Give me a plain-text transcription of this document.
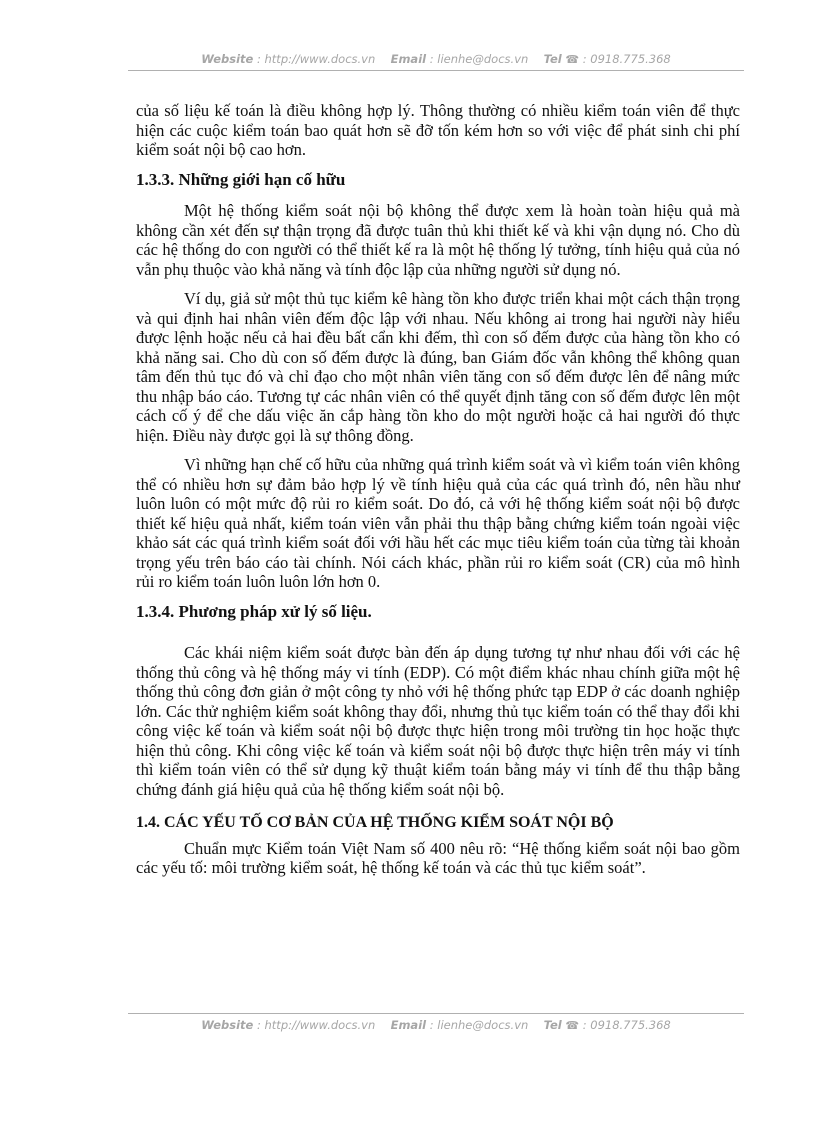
Website : http://www.docs.vn Email : lienhe@docs.vn Tel ☎ : 0918.775.368
của số liệu kế toán là điều không hợp lý. Thông thường có nhiều kiểm toán viên để thực hiện các cuộc kiểm toán bao quát hơn sẽ đỡ tốn kém hơn so với việc để phát sinh chi phí kiểm soát nội bộ cao hơn.
1.3.3. Những giới hạn cố hữu
Một hệ thống kiểm soát nội bộ không thể được xem là hoàn toàn hiệu quả mà không cần xét đến sự thận trọng đã được tuân thủ khi thiết kế và khi vận dụng nó. Cho dù các hệ thống do con người có thể thiết kế ra là một hệ thống lý tưởng, tính hiệu quả của nó vẫn phụ thuộc vào khả năng và tính độc lập của những người sử dụng nó.
Ví dụ, giả sử một thủ tục kiểm kê hàng tồn kho được triển khai một cách thận trọng và qui định hai nhân viên đếm độc lập với nhau. Nếu không ai trong hai người này hiểu được lệnh hoặc nếu cả hai đều bất cẩn khi đếm, thì con số đếm được của hàng tồn kho có khả năng sai. Cho dù con số đếm được là đúng, ban Giám đốc vẫn không thể không quan tâm đến thủ tục đó và chỉ đạo cho một nhân viên tăng con số đếm được lên để nâng mức thu nhập báo cáo. Tương tự các nhân viên có thể quyết định tăng con số đếm được lên một cách cố ý để che dấu việc ăn cắp hàng tồn kho do một người hoặc cả hai người đó thực hiện. Điều này được gọi là sự thông đồng.
Vì những hạn chế cố hữu của những quá trình kiểm soát và vì kiểm toán viên không thể có nhiều hơn sự đảm bảo hợp lý về tính hiệu quả của các quá trình đó, nên hầu như luôn luôn có một mức độ rủi ro kiểm soát. Do đó, cả với hệ thống kiểm soát nội bộ được thiết kế hiệu quả nhất, kiểm toán viên vẫn phải thu thập bằng chứng kiểm toán ngoài việc khảo sát các quá trình kiểm soát đối với hầu hết các mục tiêu kiểm toán của từng tài khoản trọng yếu trên báo cáo tài chính. Nói cách khác, phần rủi ro kiểm soát (CR) của mô hình rủi ro kiểm toán luôn luôn lớn hơn 0.
1.3.4. Phương pháp xử lý số liệu.
Các khái niệm kiểm soát được bàn đến áp dụng tương tự như nhau đối với các hệ thống thủ công và hệ thống máy vi tính (EDP). Có một điểm khác nhau chính giữa một hệ thống thủ công đơn giản ở một công ty nhỏ với hệ thống phức tạp EDP ở các doanh nghiệp lớn. Các thử nghiệm kiểm soát không thay đổi, nhưng thủ tục kiểm toán có thể thay đổi khi công việc kế toán và kiểm soát nội bộ được thực hiện trong môi trường tin học hoặc thực hiện thủ công. Khi công việc kế toán và kiểm soát nội bộ được thực hiện trên máy vi tính thì kiểm toán viên có thể sử dụng kỹ thuật kiểm toán bằng máy vi tính để thu thập bằng chứng đánh giá hiệu quả của hệ thống kiểm soát nội bộ.
1.4. CÁC YẾU TỐ CƠ BẢN CỦA HỆ THỐNG KIỂM SOÁT NỘI BỘ
Chuẩn mực Kiểm toán Việt Nam số 400 nêu rõ: “Hệ thống kiểm soát nội bao gồm các yếu tố: môi trường kiểm soát, hệ thống kế toán và các thủ tục kiểm soát”.
Website : http://www.docs.vn Email : lienhe@docs.vn Tel ☎ : 0918.775.368
